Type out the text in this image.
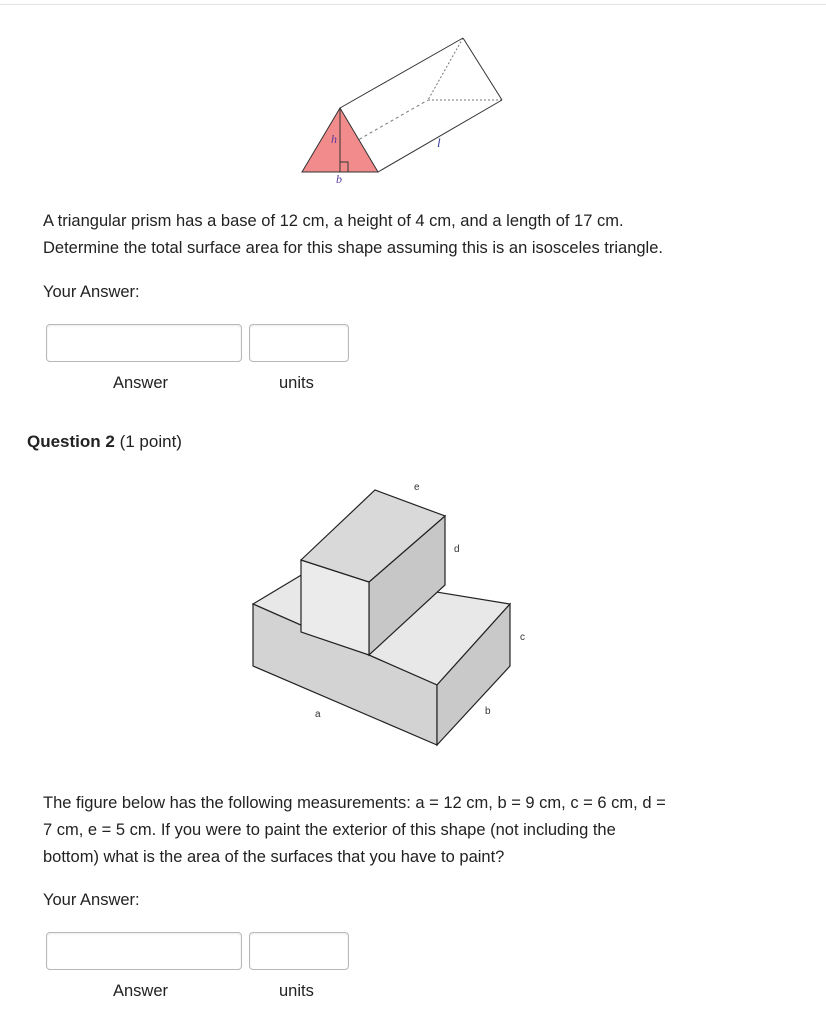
h
b
l
A triangular prism has a base of 12 cm, a height of 4 cm, and a length of 17 cm.
Determine the total surface area for this shape assuming this is an isosceles triangle.
Your Answer:
Answer	units
Question 2 (1 point)
e
d
c
a	b
The figure below has the following measurements: a = 12 cm, b = 9 cm, c = 6 cm, d =
7 cm, e = 5 cm. If you were to paint the exterior of this shape (not including the
bottom) what is the area of the surfaces that you have to paint?
Your Answer:
Answer	units
